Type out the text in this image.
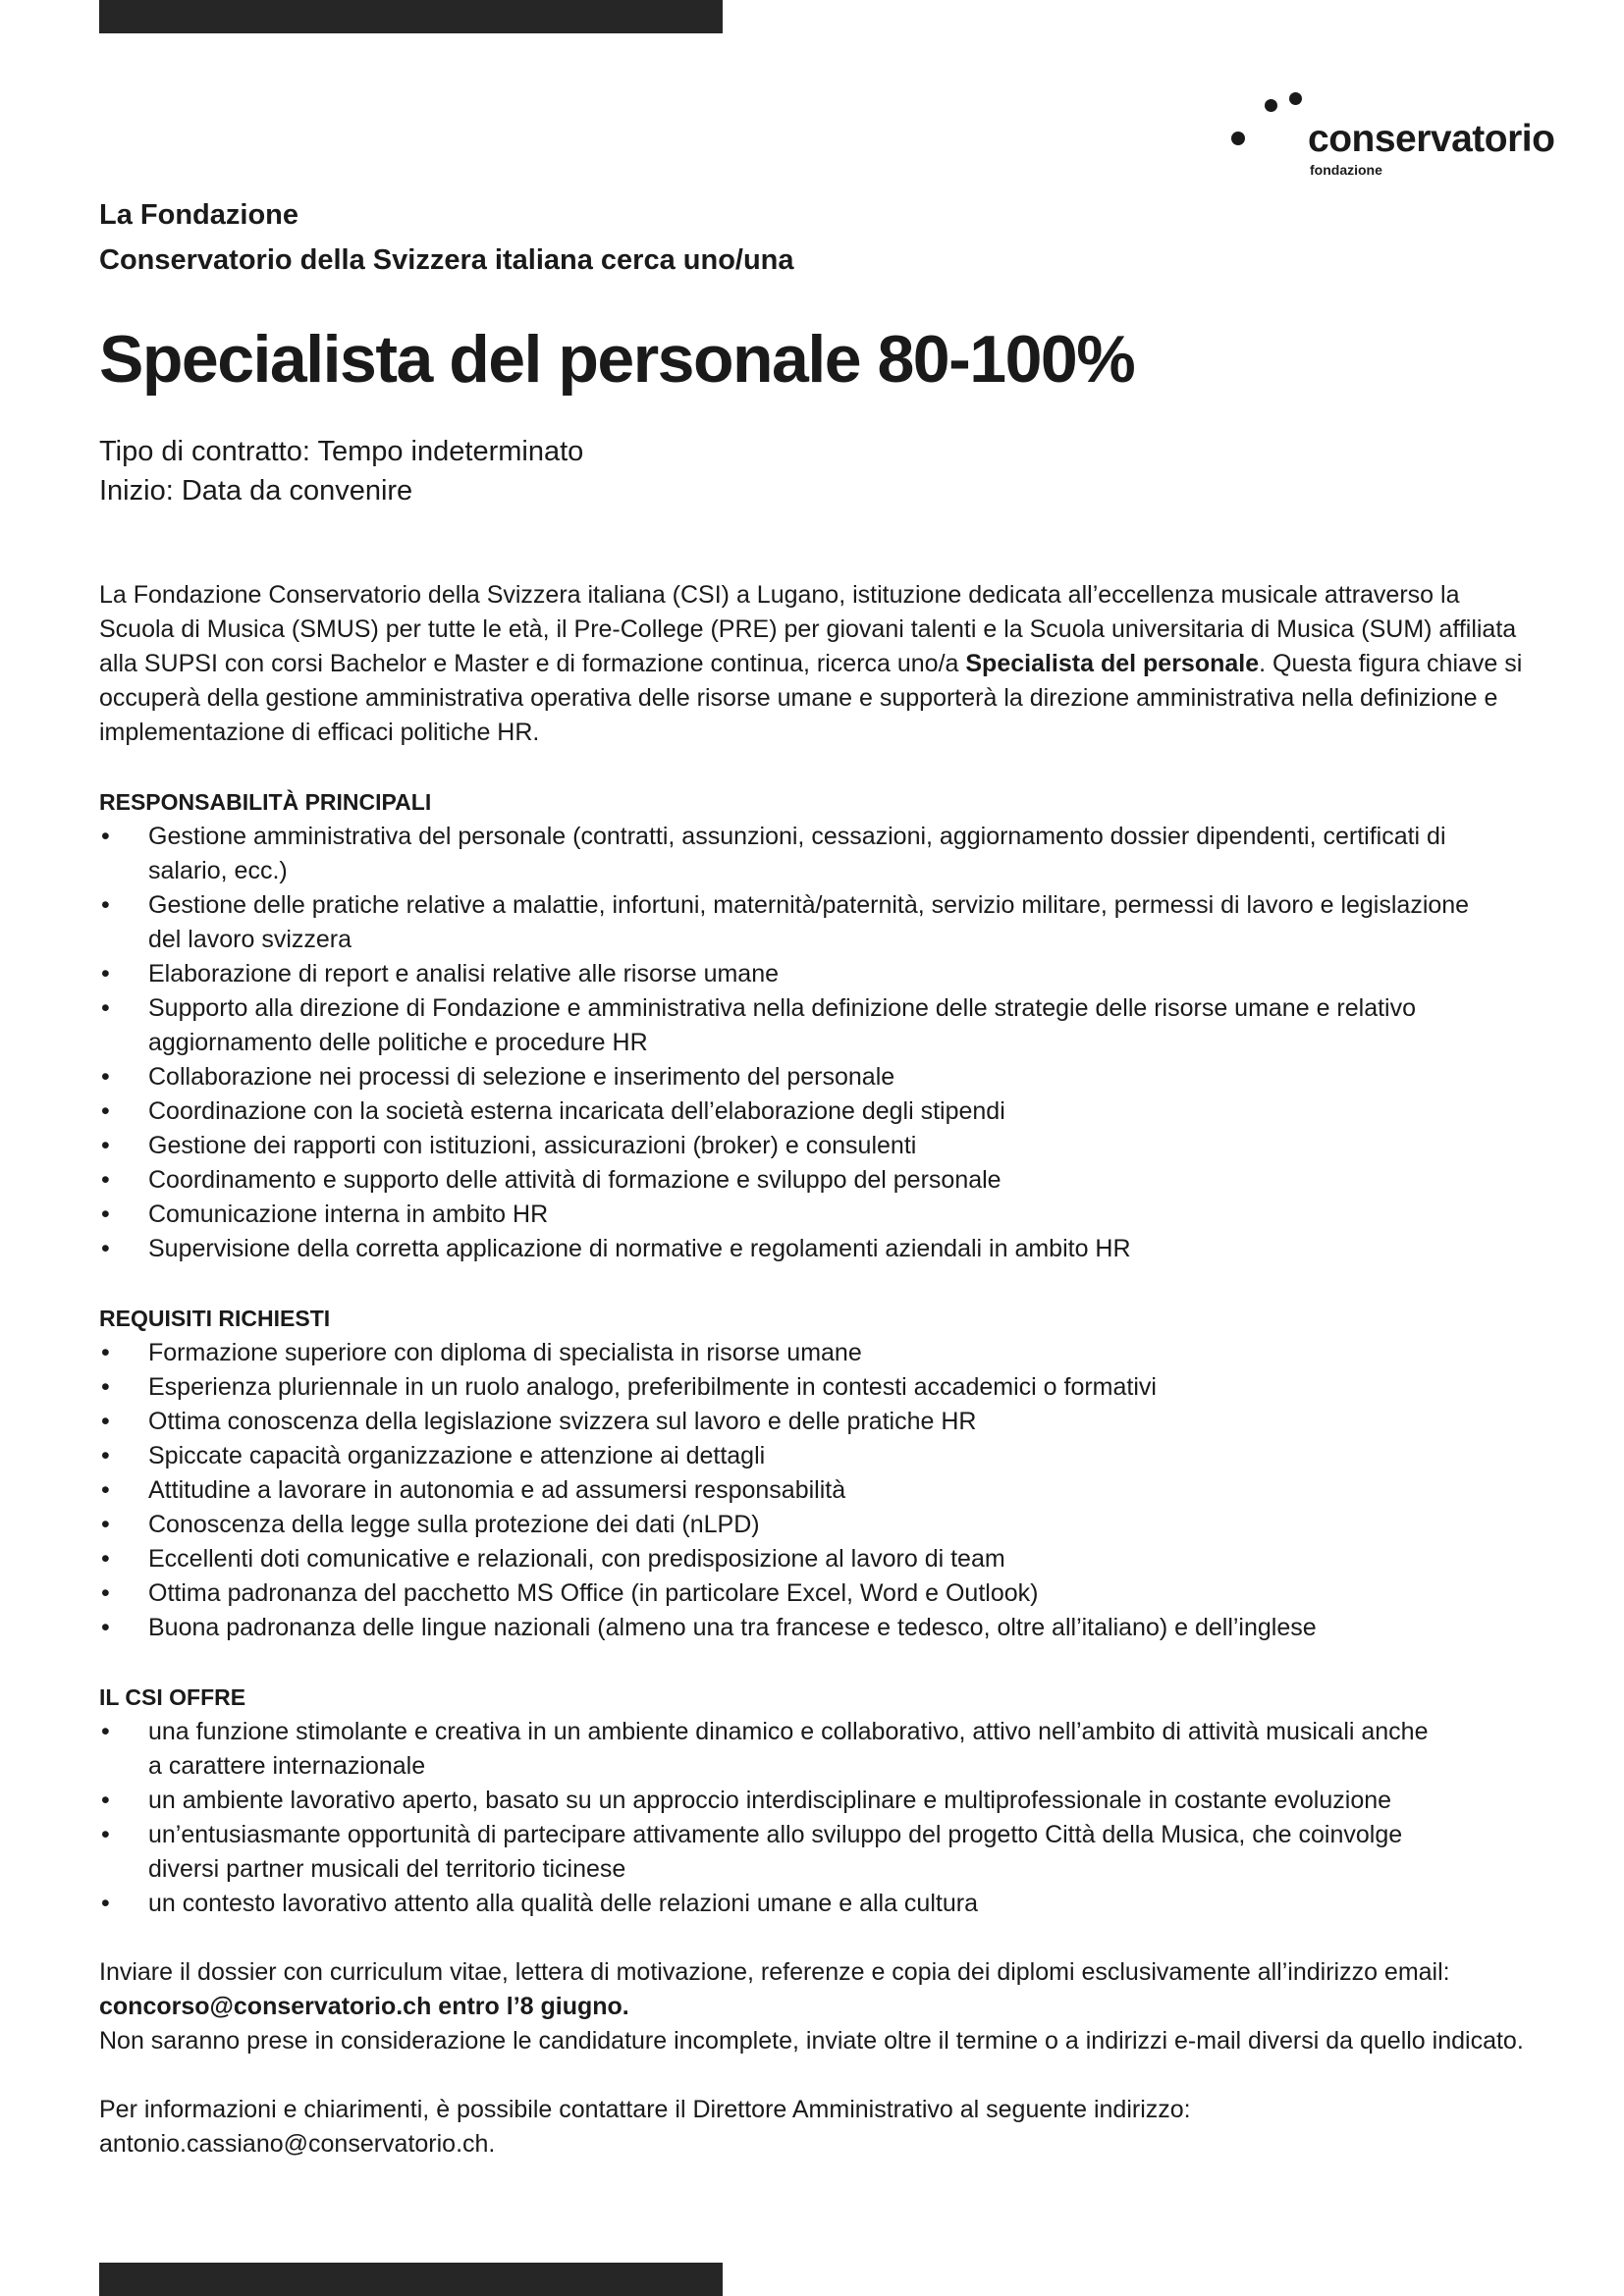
conservatorio
fondazione

La Fondazione

Conservatorio della Svizzera italiana cerca uno/una

Specialista del personale 80-100%

Tipo di contratto: Tempo indeterminato

Inizio: Data da convenire

La Fondazione Conservatorio della Svizzera italiana (CSI) a Lugano, istituzione dedicata all’eccellenza musicale attraverso la

Scuola di Musica (SMUS) per tutte le età, il Pre-College (PRE) per giovani talenti e la Scuola universitaria di Musica (SUM) affiliata

alla SUPSI con corsi Bachelor e Master e di formazione continua, ricerca uno/a Specialista del personale. Questa figura chiave si

occuperà della gestione amministrativa operativa delle risorse umane e supporterà la direzione amministrativa nella definizione e

implementazione di efficaci politiche HR.

RESPONSABILITÀ PRINCIPALI
• Gestione amministrativa del personale (contratti, assunzioni, cessazioni, aggiornamento dossier dipendenti, certificati di
salario, ecc.)
• Gestione delle pratiche relative a malattie, infortuni, maternità/paternità, servizio militare, permessi di lavoro e legislazione
del lavoro svizzera
• Elaborazione di report e analisi relative alle risorse umane
• Supporto alla direzione di Fondazione e amministrativa nella definizione delle strategie delle risorse umane e relativo
aggiornamento delle politiche e procedure HR
• Collaborazione nei processi di selezione e inserimento del personale
• Coordinazione con la società esterna incaricata dell’elaborazione degli stipendi
• Gestione dei rapporti con istituzioni, assicurazioni (broker) e consulenti
• Coordinamento e supporto delle attività di formazione e sviluppo del personale
• Comunicazione interna in ambito HR
• Supervisione della corretta applicazione di normative e regolamenti aziendali in ambito HR
REQUISITI RICHIESTI
• Formazione superiore con diploma di specialista in risorse umane
• Esperienza pluriennale in un ruolo analogo, preferibilmente in contesti accademici o formativi
• Ottima conoscenza della legislazione svizzera sul lavoro e delle pratiche HR
• Spiccate capacità organizzazione e attenzione ai dettagli
• Attitudine a lavorare in autonomia e ad assumersi responsabilità
• Conoscenza della legge sulla protezione dei dati (nLPD)
• Eccellenti doti comunicative e relazionali, con predisposizione al lavoro di team
• Ottima padronanza del pacchetto MS Office (in particolare Excel, Word e Outlook)
• Buona padronanza delle lingue nazionali (almeno una tra francese e tedesco, oltre all’italiano) e dell’inglese
IL CSI OFFRE
• una funzione stimolante e creativa in un ambiente dinamico e collaborativo, attivo nell’ambito di attività musicali anche
a carattere internazionale
• un ambiente lavorativo aperto, basato su un approccio interdisciplinare e multiprofessionale in costante evoluzione
• un’entusiasmante opportunità di partecipare attivamente allo sviluppo del progetto Città della Musica, che coinvolge
diversi partner musicali del territorio ticinese
• un contesto lavorativo attento alla qualità delle relazioni umane e alla cultura

Inviare il dossier con curriculum vitae, lettera di motivazione, referenze e copia dei diplomi esclusivamente all’indirizzo email:

concorso@conservatorio.ch entro l’8 giugno.

Non saranno prese in considerazione le candidature incomplete, inviate oltre il termine o a indirizzi e-mail diversi da quello indicato.

Per informazioni e chiarimenti, è possibile contattare il Direttore Amministrativo al seguente indirizzo:

antonio.cassiano@conservatorio.ch.
